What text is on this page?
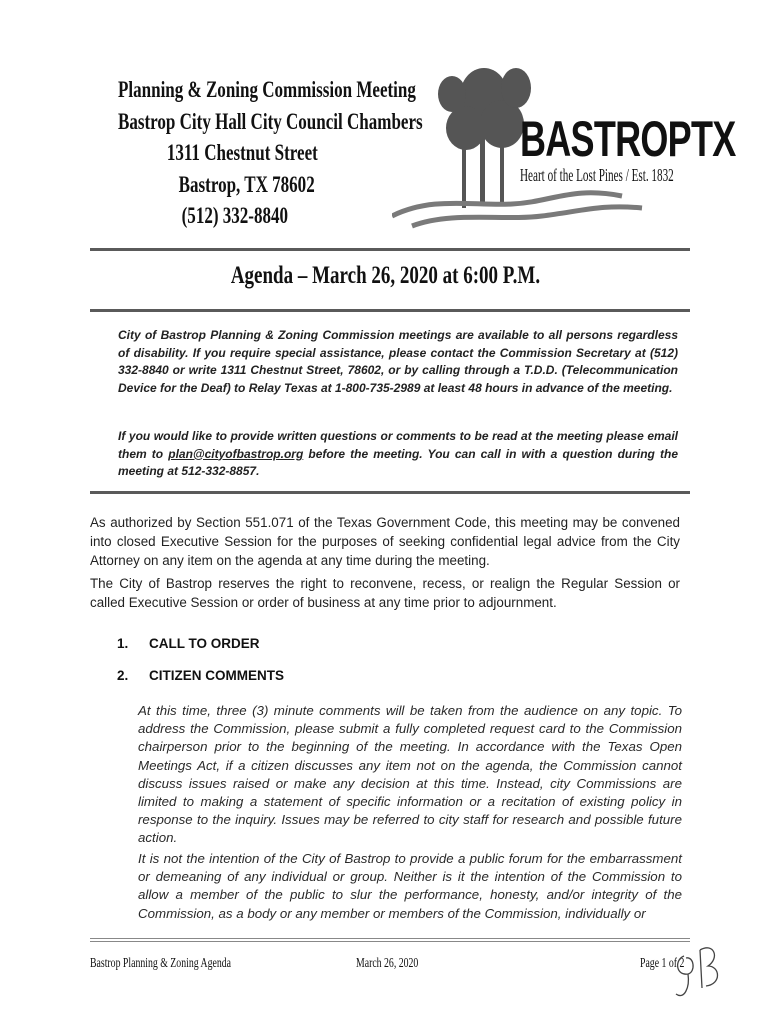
Planning & Zoning Commission Meeting
Bastrop City Hall City Council Chambers
1311 Chestnut Street
Bastrop, TX 78602
(512) 332-8840
BASTROPTX
Heart of the Lost Pines / Est. 1832
Agenda – March 26, 2020 at 6:00 P.M.
City of Bastrop Planning & Zoning Commission meetings are available to all persons regardless of disability. If you require special assistance, please contact the Commission Secretary at (512) 332-8840 or write 1311 Chestnut Street, 78602, or by calling through a T.D.D. (Telecommunication Device for the Deaf) to Relay Texas at 1-800-735-2989 at least 48 hours in advance of the meeting.
If you would like to provide written questions or comments to be read at the meeting please email them to plan@cityofbastrop.org before the meeting. You can call in with a question during the meeting at 512-332-8857.
As authorized by Section 551.071 of the Texas Government Code, this meeting may be convened into closed Executive Session for the purposes of seeking confidential legal advice from the City Attorney on any item on the agenda at any time during the meeting.
The City of Bastrop reserves the right to reconvene, recess, or realign the Regular Session or called Executive Session or order of business at any time prior to adjournment.
1. CALL TO ORDER
2. CITIZEN COMMENTS
At this time, three (3) minute comments will be taken from the audience on any topic. To address the Commission, please submit a fully completed request card to the Commission chairperson prior to the beginning of the meeting. In accordance with the Texas Open Meetings Act, if a citizen discusses any item not on the agenda, the Commission cannot discuss issues raised or make any decision at this time. Instead, city Commissions are limited to making a statement of specific information or a recitation of existing policy in response to the inquiry. Issues may be referred to city staff for research and possible future action.
It is not the intention of the City of Bastrop to provide a public forum for the embarrassment or demeaning of any individual or group. Neither is it the intention of the Commission to allow a member of the public to slur the performance, honesty, and/or integrity of the Commission, as a body or any member or members of the Commission, individually or
Bastrop Planning & Zoning Agenda	March 26, 2020	Page 1 of 2
